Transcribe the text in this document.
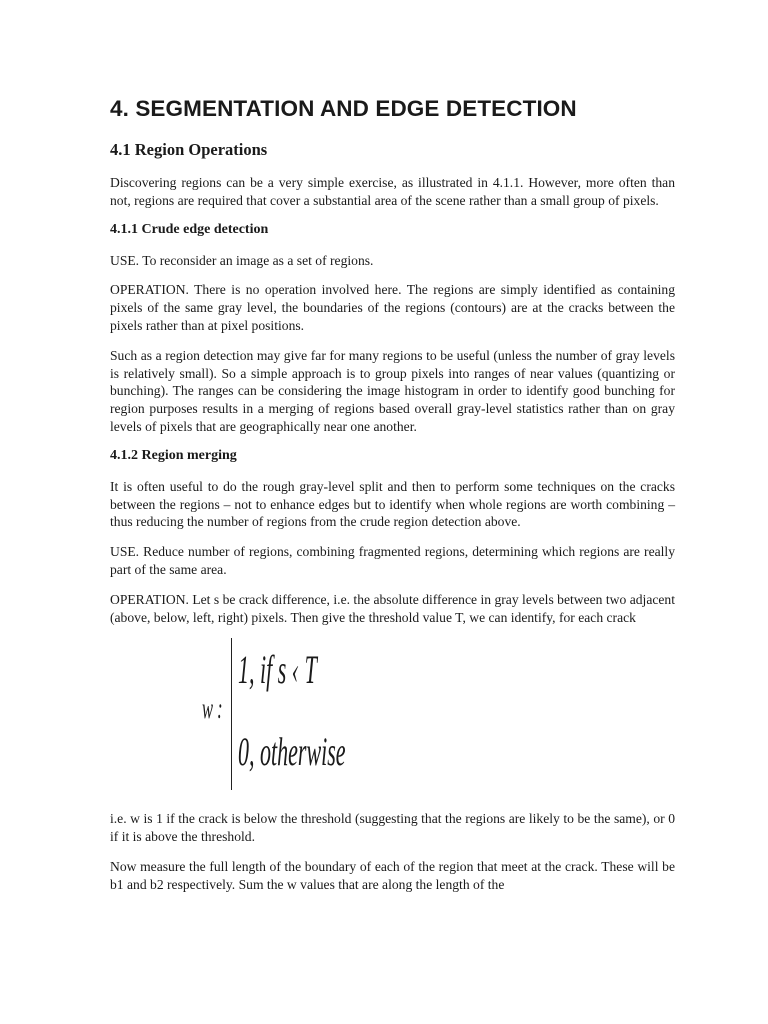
4. SEGMENTATION AND EDGE DETECTION
4.1 Region Operations

Discovering regions can be a very simple exercise, as illustrated in 4.1.1. However, more often than not, regions are required that cover a substantial area of the scene rather than a small group of pixels.

4.1.1 Crude edge detection

USE. To reconsider an image as a set of regions.

OPERATION. There is no operation involved here. The regions are simply identified as containing pixels of the same gray level, the boundaries of the regions (contours) are at the cracks between the pixels rather than at pixel positions.

Such as a region detection may give far for many regions to be useful (unless the number of gray levels is relatively small). So a simple approach is to group pixels into ranges of near values (quantizing or bunching). The ranges can be considering the image histogram in order to identify good bunching for region purposes results in a merging of regions based overall gray-level statistics rather than on gray levels of pixels that are geographically near one another.

4.1.2 Region merging

It is often useful to do the rough gray-level split and then to perform some techniques on the cracks between the regions – not to enhance edges but to identify when whole regions are worth combining – thus reducing the number of regions from the crude region detection above.

USE. Reduce number of regions, combining fragmented regions, determining which regions are really part of the same area.

OPERATION. Let s be crack difference, i.e. the absolute difference in gray levels between two adjacent (above, below, left, right) pixels. Then give the threshold value T, we can identify, for each crack

w :
1, if s ‹ T
0, otherwise

i.e. w is 1 if the crack is below the threshold (suggesting that the regions are likely to be the same), or 0 if it is above the threshold.

Now measure the full length of the boundary of each of the region that meet at the crack. These will be b1 and b2 respectively. Sum the w values that are along the length of the
